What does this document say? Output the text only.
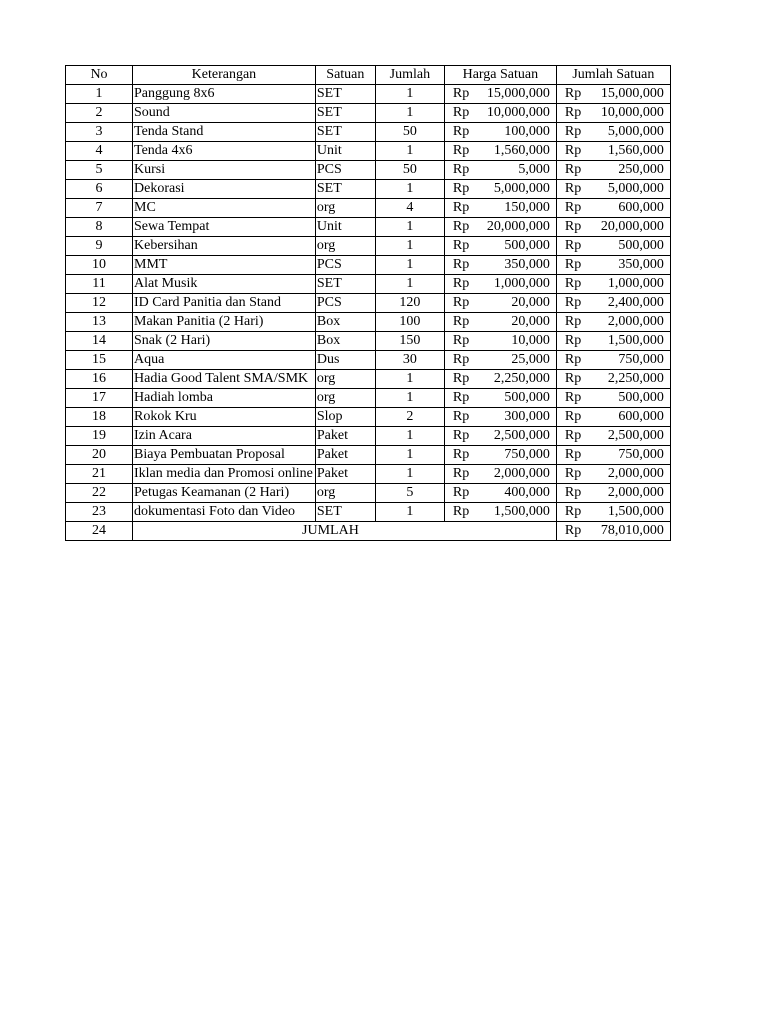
No	Keterangan	Satuan	Jumlah	Harga Satuan	Jumlah Satuan
1	Panggung 8x6	SET	1	Rp 15,000,000	Rp 15,000,000

2	Sound	SET	1	Rp 10,000,000	Rp 10,000,000

3	Tenda Stand	SET	50	Rp 100,000	Rp 5,000,000

4	Tenda 4x6	Unit	1	Rp 1,560,000	Rp 1,560,000

5	Kursi	PCS	50	Rp 5,000	Rp 250,000

6	Dekorasi	SET	1	Rp 5,000,000	Rp 5,000,000

7	MC	org	4	Rp 150,000	Rp 600,000

8	Sewa Tempat	Unit	1	Rp 20,000,000	Rp 20,000,000

9	Kebersihan	org	1	Rp 500,000	Rp 500,000

10	MMT	PCS	1	Rp 350,000	Rp 350,000

11	Alat Musik	SET	1	Rp 1,000,000	Rp 1,000,000

12	ID Card Panitia dan Stand	PCS	120	Rp 20,000	Rp 2,400,000

13	Makan Panitia (2 Hari)	Box	100	Rp 20,000	Rp 2,000,000

14	Snak (2 Hari)	Box	150	Rp 10,000	Rp 1,500,000

15	Aqua	Dus	30	Rp 25,000	Rp 750,000

16	Hadia Good Talent SMA/SMK	org	1	Rp 2,250,000	Rp 2,250,000

17	Hadiah lomba	org	1	Rp 500,000	Rp 500,000

18	Rokok Kru	Slop	2	Rp 300,000	Rp 600,000

19	Izin Acara	Paket	1	Rp 2,500,000	Rp 2,500,000

20	Biaya Pembuatan Proposal	Paket	1	Rp 750,000	Rp 750,000

21	Iklan media dan Promosi online	Paket	1	Rp 2,000,000	Rp 2,000,000

22	Petugas Keamanan (2 Hari)	org	5	Rp 400,000	Rp 2,000,000

23	dokumentasi Foto dan Video	SET	1	Rp 1,500,000	Rp 1,500,000

24	JUMLAH				Rp 78,010,000
